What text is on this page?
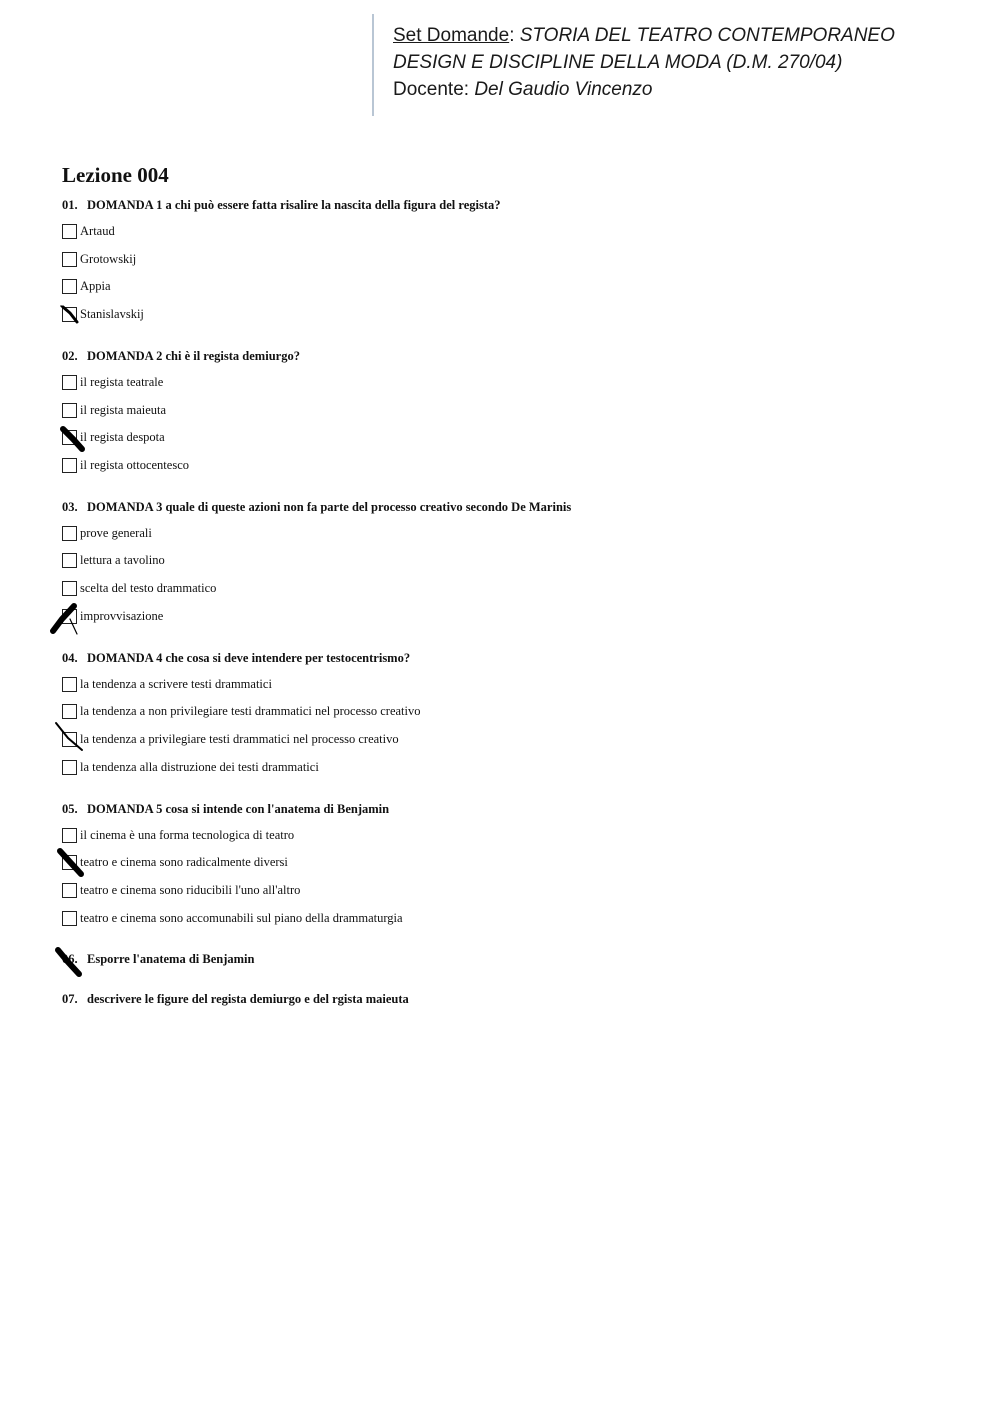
Set Domande: STORIA DEL TEATRO CONTEMPORANEO
DESIGN E DISCIPLINE DELLA MODA (D.M. 270/04)
Docente: Del Gaudio Vincenzo
Lezione 004
01. DOMANDA 1 a chi può essere fatta risalire la nascita della figura del regista?
Artaud
Grotowskij
Appia
Stanislavskij
02. DOMANDA 2 chi è il regista demiurgo?
il regista teatrale
il regista maieuta
il regista despota
il regista ottocentesco
03. DOMANDA 3 quale di queste azioni non fa parte del processo creativo secondo De Marinis
prove generali
lettura a tavolino
scelta del testo drammatico
improvvisazione
04. DOMANDA 4 che cosa si deve intendere per testocentrismo?
la tendenza a scrivere testi drammatici
la tendenza a non privilegiare testi drammatici nel processo creativo
la tendenza a privilegiare testi drammatici nel processo creativo
la tendenza alla distruzione dei testi drammatici
05. DOMANDA 5 cosa si intende con l'anatema di Benjamin
il cinema è una forma tecnologica di teatro
teatro e cinema sono radicalmente diversi
teatro e cinema sono riducibili l'uno all'altro
teatro e cinema sono accomunabili sul piano della drammaturgia
06. Esporre l'anatema di Benjamin
07. descrivere le figure del regista demiurgo e del rgista maieuta
